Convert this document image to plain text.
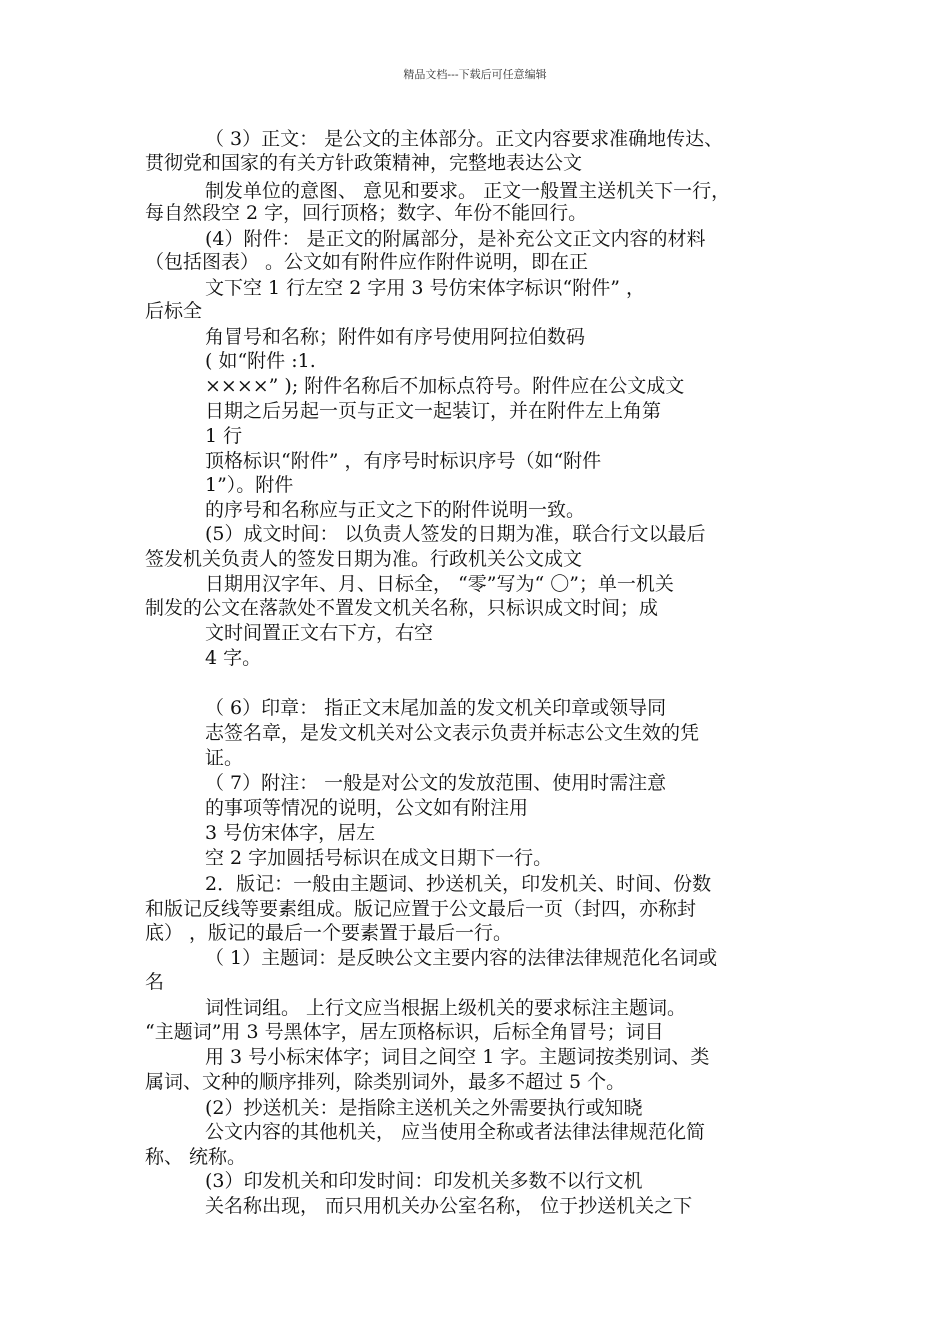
精品文档---下载后可任意编辑
（ 3）正文： 是公文的主体部分。正文内容要求准确地传达、
贯彻党和国家的有关方针政策精神，完整地表达公文
制发单位的意图、 意见和要求。 正文一般置主送机关下一行，
每自然段空 2 字，回行顶格；数字、年份不能回行。
(4）附件： 是正文的附属部分，是补充公文正文内容的材料
（包括图表） 。公文如有附件应作附件说明，即在正
文下空 1 行左空 2 字用 3 号仿宋体字标识“附件” ，
后标全
角冒号和名称；附件如有序号使用阿拉伯数码
( 如“附件 :1.
××××” ); 附件名称后不加标点符号。附件应在公文成文
日期之后另起一页与正文一起装订，并在附件左上角第
1 行
顶格标识“附件” ，有序号时标识序号（如“附件
1”）。附件
的序号和名称应与正文之下的附件说明一致。
(5）成文时间： 以负责人签发的日期为准，联合行文以最后
签发机关负责人的签发日期为准。行政机关公文成文
日期用汉字年、月、日标全， “零”写为“ 〇”；单一机关
制发的公文在落款处不置发文机关名称，只标识成文时间；成
文时间置正文右下方，右空
4 字。
（ 6）印章： 指正文末尾加盖的发文机关印章或领导同
志签名章，是发文机关对公文表示负责并标志公文生效的凭
证。
（ 7）附注： 一般是对公文的发放范围、使用时需注意
的事项等情况的说明，公文如有附注用
3 号仿宋体字，居左
空 2 字加圆括号标识在成文日期下一行。
2．版记：一般由主题词、抄送机关，印发机关、时间、份数
和版记反线等要素组成。版记应置于公文最后一页（封四，亦称封
底） ，版记的最后一个要素置于最后一行。
（ 1）主题词：是反映公文主要内容的法律法律规范化名词或
名
词性词组。 上行文应当根据上级机关的要求标注主题词。
“主题词”用 3 号黑体字，居左顶格标识，后标全角冒号；词目
用 3 号小标宋体字；词目之间空 1 字。主题词按类别词、类
属词、文种的顺序排列，除类别词外，最多不超过 5 个。
(2）抄送机关：是指除主送机关之外需要执行或知晓
公文内容的其他机关， 应当使用全称或者法律法律规范化简
称、 统称。
(3）印发机关和印发时间：印发机关多数不以行文机
关名称出现， 而只用机关办公室名称， 位于抄送机关之下
